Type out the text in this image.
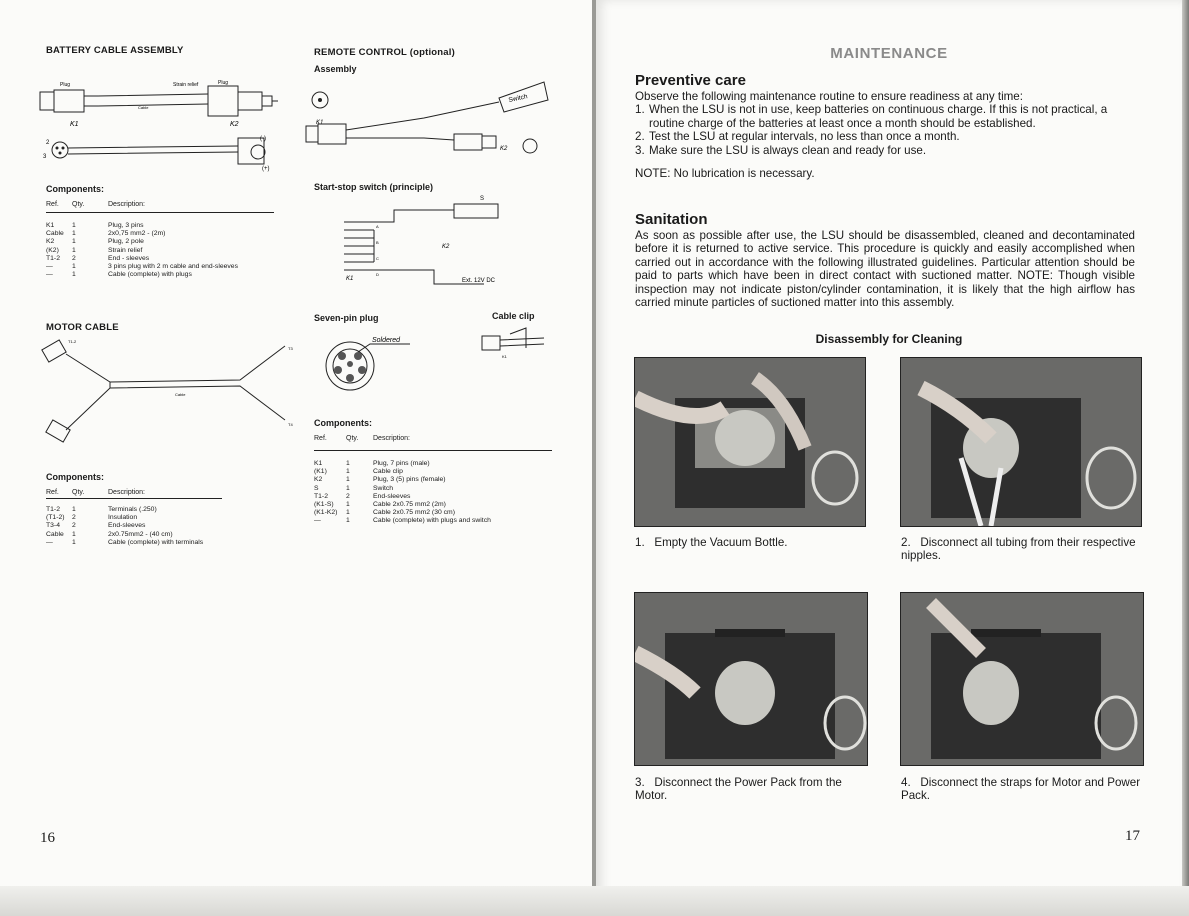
BATTERY CABLE ASSEMBLY
Plug	Strain relief	Plug
Cable
K1	K2
2
3
(-)
(+)
Components:
Ref. Qty.	Description:
K1	1	Plug, 3 pins
Cable	1	2x0,75 mm2 - (2m)
K2	1	Plug, 2 pole
(K2)	1	Strain relief
T1-2	2	End - sleeves
—	1	3 pins plug with 2 m cable and end-sleeves
—	1	Cable (complete) with plugs
MOTOR CABLE
Cable
T1-2
T3
T4
Components:
Ref. Qty.	Description:
T1-2	1	Terminals (.250)
(T1-2)	2	Insulation
T3-4	2	End-sleeves
Cable	1	2x0.75mm2 - (40 cm)
—	1	Cable (complete) with terminals
REMOTE CONTROL (optional)
Assembly
K1
Switch
K2
Start-stop switch (principle)
S
K2
K1	Ext. 12V DC
A
B
C
D
Seven-pin plug	Cable clip
Soldered
K1
Components:
Ref.	Qty. Description:
K1	1	Plug, 7 pins (male)
(K1)	1	Cable clip
K2	1	Plug, 3 (5) pins (female)
S	1	Switch
T1-2	2	End-sleeves
(K1-S)	1	Cable 2x0.75 mm2 (2m)
(K1-K2)	1	Cable 2x0.75 mm2 (30 cm)
—	1	Cable (complete) with plugs and switch
16
MAINTENANCE
Preventive care

Observe the following maintenance routine to ensure readiness at any time:

1. When the LSU is not in use, keep batteries on continuous charge. If this is not practical, a routine charge of the batteries at least once a month should be established.
2. Test the LSU at regular intervals, no less than once a month.
3. Make sure the LSU is always clean and ready for use.
NOTE: No lubrication is necessary.
Sanitation
As soon as possible after use, the LSU should be disassembled, cleaned and decontaminated before it is returned to active service. This procedure is quickly and easily accomplished when carried out in accordance with the following illustrated guidelines. Particular attention should be paid to parts which have been in direct contact with suctioned matter. NOTE: Though visible inspection may not indicate piston/cylinder contamination, it is likely that the high airflow has carried minute particles of suctioned matter into this assembly.
Disassembly for Cleaning
1. Empty the Vacuum Bottle.	2. Disconnect all tubing from their respective nipples.
3. Disconnect the Power Pack from the Motor.
4. Disconnect the straps for Motor and Power Pack.
17
